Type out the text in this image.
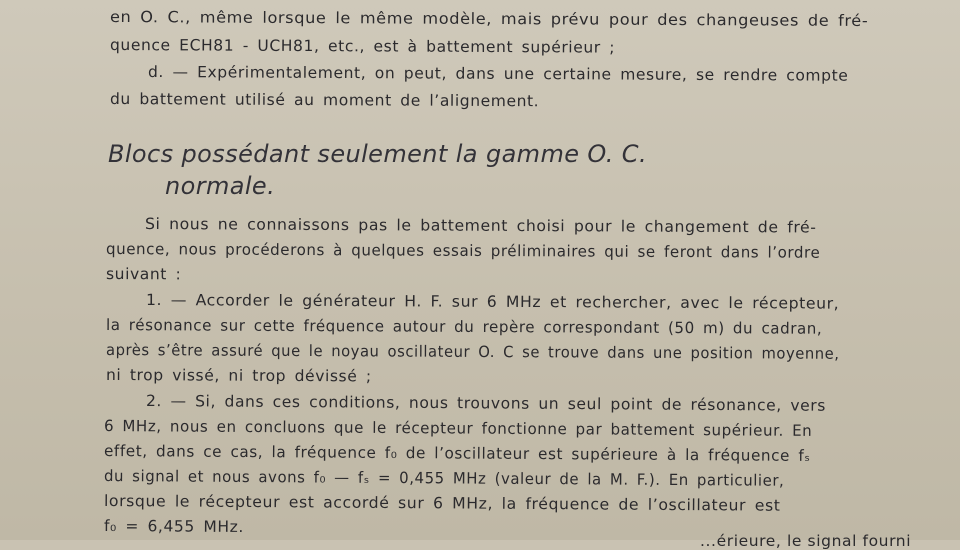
en O. C., même lorsque le même modèle, mais prévu pour des changeuses de fré-
quence ECH81 - UCH81, etc., est à battement supérieur ;
d. — Expérimentalement, on peut, dans une certaine mesure, se rendre compte
du battement utilisé au moment de l’alignement.
Blocs possédant seulement la gamme O. C.
normale.
Si nous ne connaissons pas le battement choisi pour le changement de fré-
quence, nous procéderons à quelques essais préliminaires qui se feront dans l’ordre
suivant :
1. — Accorder le générateur H. F. sur 6 MHz et rechercher, avec le récepteur,
la résonance sur cette fréquence autour du repère correspondant (50 m) du cadran,
après s’être assuré que le noyau oscillateur O. C se trouve dans une position moyenne,
ni trop vissé, ni trop dévissé ;
2. — Si, dans ces conditions, nous trouvons un seul point de résonance, vers
6 MHz, nous en concluons que le récepteur fonctionne par battement supérieur. En
effet, dans ce cas, la fréquence f₀ de l’oscillateur est supérieure à la fréquence fₛ
du signal et nous avons f₀ — fₛ = 0,455 MHz (valeur de la M. F.). En particulier,
lorsque le récepteur est accordé sur 6 MHz, la fréquence de l’oscillateur est
f₀ = 6,455 MHz.
...érieure, le signal fourni
